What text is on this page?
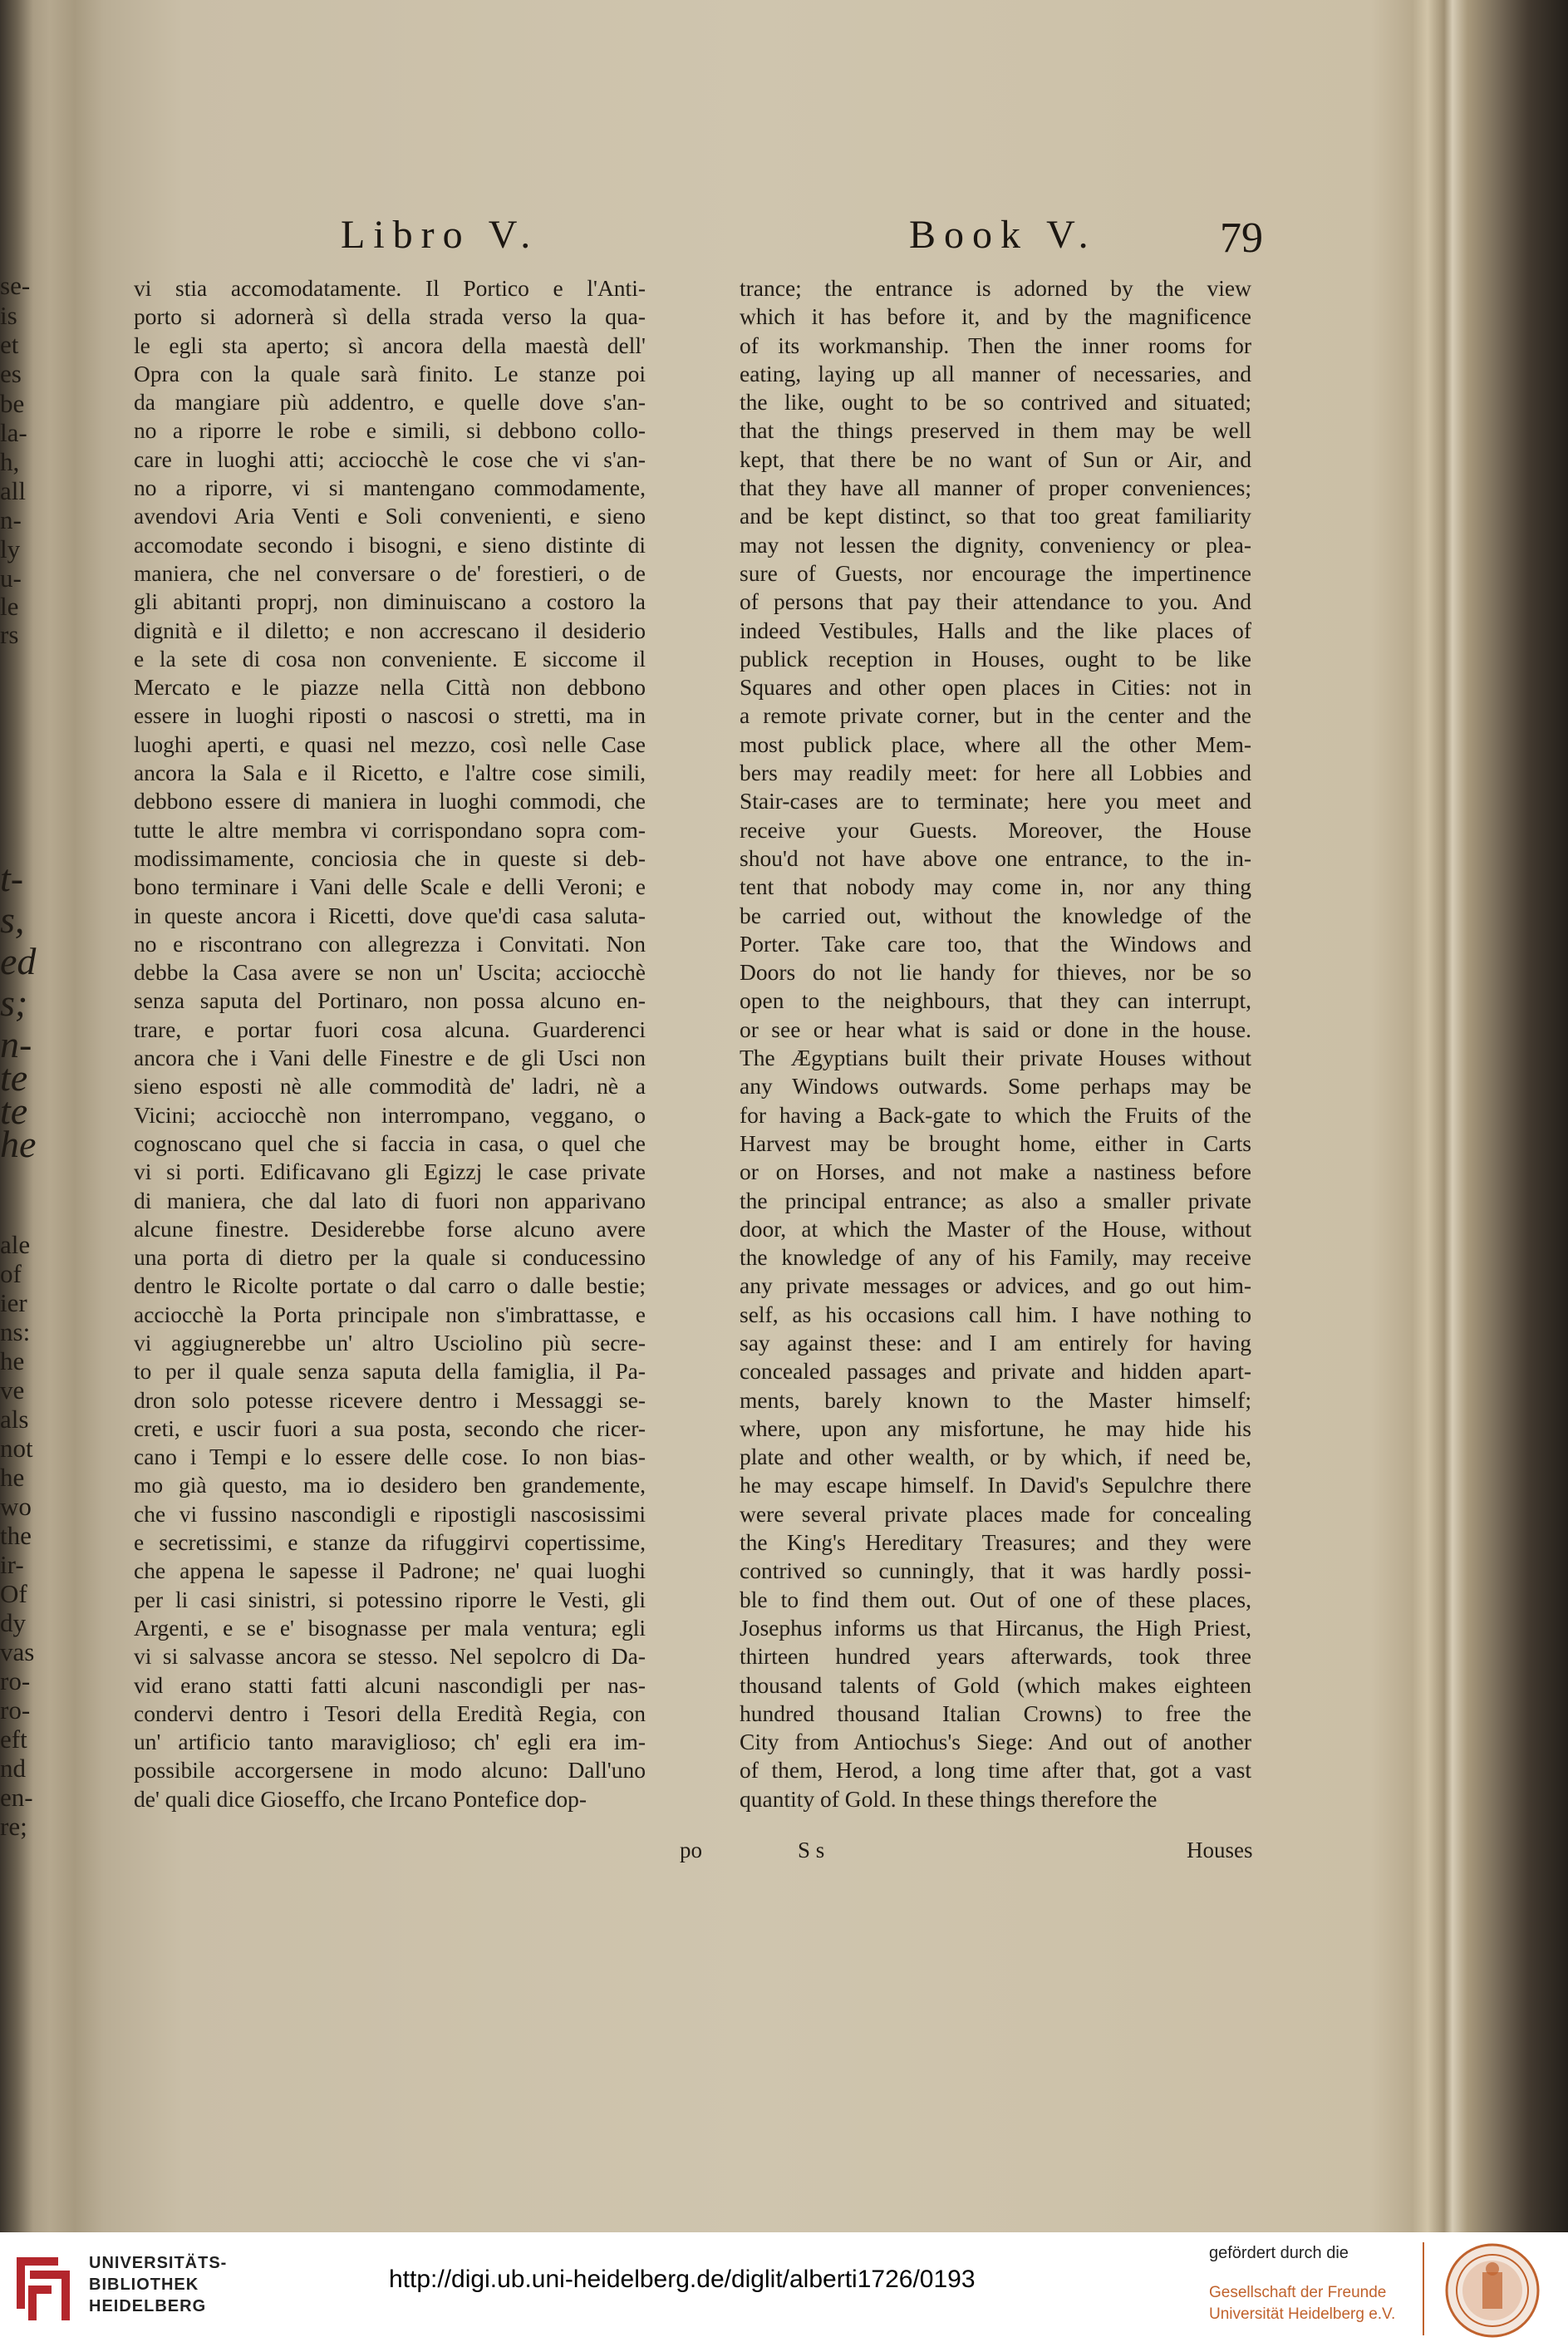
se-
is
et
es
be
la-
h,
all
n-
ly
u-
le
rs
t-
s,
ed
s;
n-
te
te
he
ale
of
ier
ns:
he
ve
als
not
he
wo
the
ir-
Of
dy
vas
ro-
ro-
eft
nd
en-
re;
Libro V.	Book V.	79
vi stia accomodatamente. Il Portico e l'Anti-
porto si adornerà sì della strada verso la qua-
le egli sta aperto; sì ancora della maestà dell'
Opra con la quale sarà finito. Le stanze poi
da mangiare più addentro, e quelle dove s'an-
no a riporre le robe e simili, si debbono collo-
care in luoghi atti; acciocchè le cose che vi s'an-
no a riporre, vi si mantengano commodamente,
avendovi Aria Venti e Soli convenienti, e sieno
accomodate secondo i bisogni, e sieno distinte di
maniera, che nel conversare o de' forestieri, o de
gli abitanti proprj, non diminuiscano a costoro la
dignità e il diletto; e non accrescano il desiderio
e la sete di cosa non conveniente. E siccome il
Mercato e le piazze nella Città non debbono
essere in luoghi riposti o nascosi o stretti, ma in
luoghi aperti, e quasi nel mezzo, così nelle Case
ancora la Sala e il Ricetto, e l'altre cose simili,
debbono essere di maniera in luoghi commodi, che
tutte le altre membra vi corrispondano sopra com-
modissimamente, conciosia che in queste si deb-
bono terminare i Vani delle Scale e delli Veroni; e
in queste ancora i Ricetti, dove que'di casa saluta-
no e riscontrano con allegrezza i Convitati. Non
debbe la Casa avere se non un' Uscita; acciocchè
senza saputa del Portinaro, non possa alcuno en-
trare, e portar fuori cosa alcuna. Guarderenci
ancora che i Vani delle Finestre e de gli Usci non
sieno esposti nè alle commodità de' ladri, nè a
Vicini; acciocchè non interrompano, veggano, o
cognoscano quel che si faccia in casa, o quel che
vi si porti. Edificavano gli Egizzj le case private
di maniera, che dal lato di fuori non apparivano
alcune finestre. Desiderebbe forse alcuno avere
una porta di dietro per la quale si conducessino
dentro le Ricolte portate o dal carro o dalle bestie;
acciocchè la Porta principale non s'imbrattasse, e
vi aggiugnerebbe un' altro Usciolino più secre-
to per il quale senza saputa della famiglia, il Pa-
dron solo potesse ricevere dentro i Messaggi se-
creti, e uscir fuori a sua posta, secondo che ricer-
cano i Tempi e lo essere delle cose. Io non bias-
mo già questo, ma io desidero ben grandemente,
che vi fussino nascondigli e ripostigli nascosissimi
e secretissimi, e stanze da rifuggirvi copertissime,
che appena le sapesse il Padrone; ne' quai luoghi
per li casi sinistri, si potessino riporre le Vesti, gli
Argenti, e se e' bisognasse per mala ventura; egli
vi si salvasse ancora se stesso. Nel sepolcro di Da-
vid erano statti fatti alcuni nascondigli per nas-
condervi dentro i Tesori della Eredità Regia, con
un' artificio tanto maraviglioso; ch' egli era im-
possibile accorgersene in modo alcuno: Dall'uno
de' quali dice Gioseffo, che Ircano Pontefice dop-
trance; the entrance is adorned by the view
which it has before it, and by the magnificence
of its workmanship. Then the inner rooms for
eating, laying up all manner of necessaries, and
the like, ought to be so contrived and situated;
that the things preserved in them may be well
kept, that there be no want of Sun or Air, and
that they have all manner of proper conveniences;
and be kept distinct, so that too great familiarity
may not lessen the dignity, conveniency or plea-
sure of Guests, nor encourage the impertinence
of persons that pay their attendance to you. And
indeed Vestibules, Halls and the like places of
publick reception in Houses, ought to be like
Squares and other open places in Cities: not in
a remote private corner, but in the center and the
most publick place, where all the other Mem-
bers may readily meet: for here all Lobbies and
Stair-cases are to terminate; here you meet and
receive your Guests. Moreover, the House
shou'd not have above one entrance, to the in-
tent that nobody may come in, nor any thing
be carried out, without the knowledge of the
Porter. Take care too, that the Windows and
Doors do not lie handy for thieves, nor be so
open to the neighbours, that they can interrupt,
or see or hear what is said or done in the house.
The Ægyptians built their private Houses without
any Windows outwards. Some perhaps may be
for having a Back-gate to which the Fruits of the
Harvest may be brought home, either in Carts
or on Horses, and not make a nastiness before
the principal entrance; as also a smaller private
door, at which the Master of the House, without
the knowledge of any of his Family, may receive
any private messages or advices, and go out him-
self, as his occasions call him. I have nothing to
say against these: and I am entirely for having
concealed passages and private and hidden apart-
ments, barely known to the Master himself;
where, upon any misfortune, he may hide his
plate and other wealth, or by which, if need be,
he may escape himself. In David's Sepulchre there
were several private places made for concealing
the King's Hereditary Treasures; and they were
contrived so cunningly, that it was hardly possi-
ble to find them out. Out of one of these places,
Josephus informs us that Hircanus, the High Priest,
thirteen hundred years afterwards, took three
thousand talents of Gold (which makes eighteen
hundred thousand Italian Crowns) to free the
City from Antiochus's Siege: And out of another
of them, Herod, a long time after that, got a vast
quantity of Gold. In these things therefore the
po	S s	Houses
UNIVERSITÄTS-
BIBLIOTHEK
HEIDELBERG
http://digi.ub.uni-heidelberg.de/diglit/alberti1726/0193
gefördert durch die
Gesellschaft der Freunde
Universität Heidelberg e.V.
